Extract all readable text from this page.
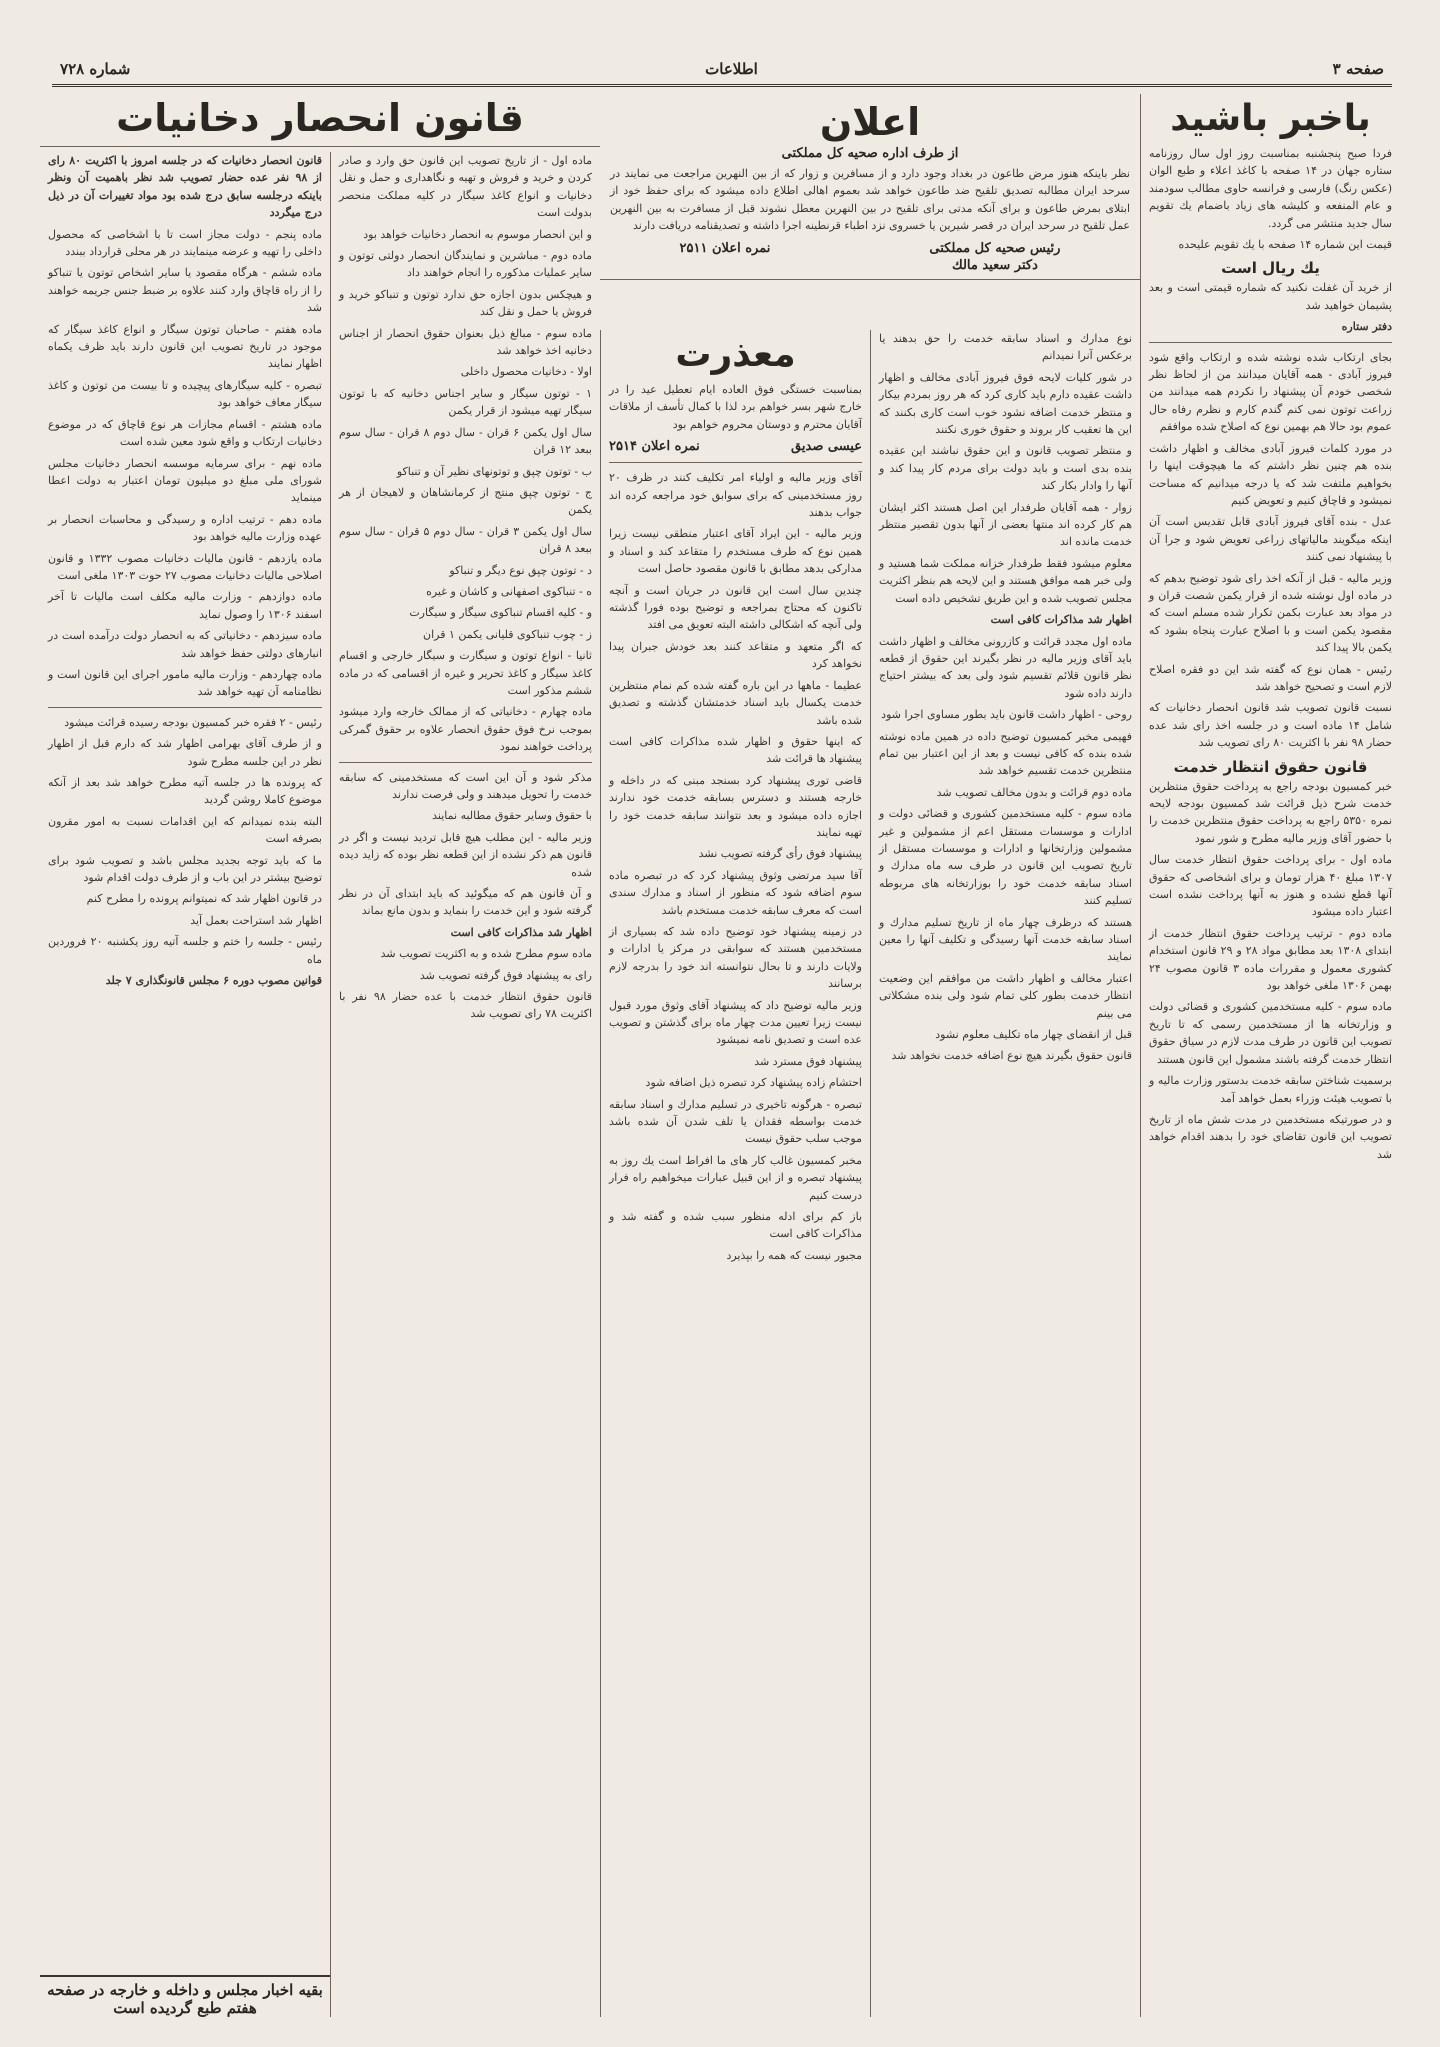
صفحه ۳
اطلاعات
شماره ۷۲۸
باخبر باشید

فردا صبح پنجشنبه بمناسبت روز اول سال روزنامه ستاره جهان در ۱۴ صفحه با کاغذ اعلاء و طبع الوان (عکس رنگ) فارسی و فرانسه حاوی مطالب سودمند و عام المنفعه و کلیشه های زیاد باضمام یك تقویم سال جدید منتشر می گردد.

قیمت این شماره ۱۴ صفحه با یك تقویم علیحده

یك ریال است

از خرید آن غفلت نکنید که شماره قیمتی است و بعد پشیمان خواهید شد

دفتر ستاره

بجای ارتکاب شده نوشته شده و ارتکاب واقع شود فیروز آبادی - همه آقایان میدانند من از لحاظ نظر شخصی خودم آن پیشنهاد را نکردم همه میدانند من زراعت توتون نمی کنم گندم کارم و نظرم رفاه حال عموم بود حالا هم بهمین نوع که اصلاح شده موافقم

در مورد کلمات فیروز آبادی مخالف و اظهار داشت بنده هم چنین نظر داشتم که ما هیچوقت اینها را بخواهیم ملتفت شد که یا درجه میدانیم که مساحت نمیشود و قاچاق کنیم و تعویض کنیم

عدل - بنده آقای فیروز آبادی قابل تقدیس است آن اینکه میگویند مالیاتهای زراعی تعویض شود و جرا آن با پیشنهاد نمی کنند

وزیر مالیه - قبل از آنکه اخذ رای شود توضیح بدهم که در ماده اول نوشته شده از قرار یکمن شصت قران و در مواد بعد عبارت بکمن تکرار شده مسلم است که مقصود یکمن است و با اصلاح عبارت پنجاه بشود که یکمن بالا پیدا کند

رئیس - همان نوع که گفته شد این دو فقره اصلاح لازم است و تصحیح خواهد شد

نسبت قانون تصویب شد قانون انحصار دخانیات که شامل ۱۴ ماده است و در جلسه اخذ رای شد عده حضار ۹۸ نفر با اکثریت ۸۰ رای تصویب شد

قانون حقوق انتظار خدمت

خبر کمسیون بودجه راجع به پرداخت حقوق منتظرین خدمت شرح ذیل قرائت شد کمسیون بودجه لایحه نمره ۵۳۵۰ راجع به پرداخت حقوق منتظرین خدمت را با حضور آقای وزیر مالیه مطرح و شور نمود

ماده اول - برای پرداخت حقوق انتظار خدمت سال ۱۳۰۷ مبلغ ۴۰ هزار تومان و برای اشخاصی که حقوق آنها قطع نشده و هنوز به آنها پرداخت نشده است اعتبار داده میشود

ماده دوم - ترتیب پرداخت حقوق انتظار خدمت از ابتدای ۱۳۰۸ بعد مطابق مواد ۲۸ و ۲۹ قانون استخدام کشوری معمول و مقررات ماده ۳ قانون مصوب ۲۴ بهمن ۱۳۰۶ ملغی خواهد بود

ماده سوم - کلیه مستخدمین کشوری و قضائی دولت و وزارتخانه ها از مستخدمین رسمی که تا تاریخ تصویب این قانون در طرف مدت لازم در سیاق حقوق انتظار خدمت گرفته باشند مشمول این قانون هستند

برسمیت شناختن سابقه خدمت بدستور وزارت مالیه و با تصویب هیئت وزراء بعمل خواهد آمد

و در صورتیکه مستخدمین در مدت شش ماه از تاریخ تصویب این قانون تقاضای خود را بدهند اقدام خواهد شد

اعلان
از طرف اداره صحیه کل مملکتی

نظر باینکه هنوز مرض طاعون در بغداد وجود دارد و از مسافرین و زوار که از بین النهرین مراجعت می نمایند در سرحد ایران مطالبه تصدیق تلقیح ضد طاعون خواهد شد بعموم اهالی اطلاع داده میشود که برای حفظ خود از ابتلای بمرض طاعون و برای آنکه مدتی برای تلقیح در بین النهرین معطل نشوند قبل از مسافرت به بین النهرین عمل تلقیح در سرحد ایران در قصر شیرین یا خسروی نزد اطباء قرنطینه اجرا داشته و تصدیقنامه دریافت دارند

رئیس صحیه کل مملکتی
دکتر سعید مالك
نمره اعلان ۲۵۱۱

نوع مدارك و اسناد سابقه خدمت را حق بدهند یا برعکس آنرا نمیدانم

در شور کلیات لایحه فوق فیروز آبادی مخالف و اظهار داشت عقیده دارم باید کاری کرد که هر روز بمردم بیکار و منتظر خدمت اضافه نشود خوب است کاری بکنند که این ها تعقیب کار بروند و حقوق خوری نکنند

و منتظر تصویب قانون و این حقوق نباشند این عقیده بنده بدی است و باید دولت برای مردم کار پیدا کند و آنها را وادار بکار کند

زوار - همه آقایان طرفدار این اصل هستند اکثر ایشان هم کار کرده اند منتها بعضی از آنها بدون تقصیر منتظر خدمت مانده اند

معلوم میشود فقط طرفدار خزانه مملکت شما هستید و ولی خبر همه موافق هستند و این لایحه هم بنظر اکثریت مجلس تصویب شده و این طریق تشخیص داده است

اظهار شد مذاکرات کافی است

ماده اول مجدد قرائت و کازرونی مخالف و اظهار داشت باید آقای وزیر مالیه در نظر بگیرند این حقوق از قطعه نظر قانون قلائم تقسیم شود ولی بعد که بیشتر احتیاج دارند داده شود

روحی - اظهار داشت قانون باید بطور مساوی اجرا شود

فهیمی مخبر کمسیون توضیح داده در همین ماده نوشته شده بنده که کافی نیست و بعد از این اعتبار بین تمام منتظرین خدمت تقسیم خواهد شد

ماده دوم قرائت و بدون مخالف تصویب شد

ماده سوم - کلیه مستخدمین کشوری و قضائی دولت و ادارات و موسسات مستقل اعم از مشمولین و غیر مشمولین وزارتخانها و ادارات و موسسات مستقل از تاریخ تصویب این قانون در طرف سه ماه مدارك و اسناد سابقه خدمت خود را بوزارتخانه های مربوطه تسلیم کنند

هستند که درظرف چهار ماه از تاریخ تسلیم مدارك و اسناد سابقه خدمت آنها رسیدگی و تکلیف آنها را معین نمایند

اعتبار مخالف و اظهار داشت من موافقم این وضعیت انتظار خدمت بطور کلی تمام شود ولی بنده مشکلاتی می بینم

قبل از انقضای چهار ماه تکلیف معلوم نشود

قانون حقوق بگیرند هیچ نوع اضافه خدمت نخواهد شد

معذرت

بمناسبت خستگی فوق العاده ایام تعطیل عید را در خارج شهر بسر خواهم برد لذا با کمال تأسف از ملاقات آقایان محترم و دوستان محروم خواهم بود

عیسی صدیق
نمره اعلان ۲۵۱۴

آقای وزیر مالیه و اولیاء امر تکلیف کنند در ظرف ۲۰ روز مستخدمینی که برای سوابق خود مراجعه کرده اند جواب بدهند

وزیر مالیه - این ایراد آقای اعتبار منطقی نیست زیرا همین نوع که طرف مستخدم را متقاعد کند و اسناد و مدارکی بدهد مطابق با قانون مقصود حاصل است

چندین سال است این قانون در جریان است و آنچه تاکنون که محتاج بمراجعه و توضیح بوده فورا گذشته ولی آنچه که اشکالی داشته البته تعویق می افتد

که اگر متعهد و متقاعد کنند بعد خودش جبران پیدا نخواهد کرد

عطیما - ماهها در این باره گفته شده کم نمام منتظرین خدمت یکسال باید اسناد خدمتشان گذشته و تصدیق شده باشد

که اینها حقوق و اظهار شده مذاکرات کافی است پیشنهاد ها قرائت شد

قاضی توری پیشنهاد کرد بسنجد مبنی که در داخله و خارجه هستند و دسترس بسابقه خدمت خود ندارند اجازه داده میشود و بعد نتوانند سابقه خدمت خود را تهیه نمایند

پیشنهاد فوق رأی گرفته تصویب نشد

آقا سید مرتضی وثوق پیشنهاد کرد که در تبصره ماده سوم اضافه شود که منظور از اسناد و مدارك سندی است که معرف سابقه خدمت مستخدم باشد

در زمینه پیشنهاد خود توضیح داده شد که بسیاری از مستخدمین هستند که سوابقی در مرکز یا ادارات و ولایات دارند و تا بحال نتوانسته اند خود را بدرجه لازم برسانند

وزیر مالیه توضیح داد که پیشنهاد آقای وثوق مورد قبول نیست زیرا تعیین مدت چهار ماه برای گذشتن و تصویب عده است و تصدیق نامه نمیشود

پیشنهاد فوق مسترد شد

احتشام زاده پیشنهاد کرد تبصره ذیل اضافه شود

تبصره - هرگونه تاخیری در تسلیم مدارك و اسناد سابقه خدمت بواسطه فقدان یا تلف شدن آن شده باشد موجب سلب حقوق نیست

مخبر کمسیون غالب کار های ما افراط است یك روز به پیشنهاد تبصره و از این قبیل عبارات میخواهیم راه فرار درست کنیم

باز کم برای ادله منظور سبب شده و گفته شد و مذاکرات کافی است

مجبور نیست که همه را بپذیرد

قانون انحصار دخانیات

ماده اول - از تاریخ تصویب این قانون حق وارد و صادر کردن و خرید و فروش و تهیه و نگاهداری و حمل و نقل دخانیات و انواع کاغذ سیگار در کلیه مملکت منحصر بدولت است

و این انحصار موسوم به انحصار دخانیات خواهد بود

ماده دوم - مباشرین و نمایندگان انحصار دولتی توتون و سایر عملیات مذکوره را انجام خواهند داد

و هیچکس بدون اجازه حق ندارد توتون و تنباکو خرید و فروش یا حمل و نقل کند

ماده سوم - مبالغ ذیل بعنوان حقوق انحصار از اجناس دخانیه اخذ خواهد شد

اولا - دخانیات محصول داخلی

۱ - توتون سیگار و سایر اجناس دخانیه که با توتون سیگار تهیه میشود از قرار یکمن

سال اول یکمن ۶ قران - سال دوم ۸ قران - سال سوم ببعد ۱۲ قران

ب - توتون چپق و توتونهای نظیر آن و تنباکو

ج - توتون چپق منتج از کرمانشاهان و لاهیجان از هر یکمن

سال اول یکمن ۳ قران - سال دوم ۵ قران - سال سوم ببعد ۸ قران

د - توتون چپق نوع دیگر و تنباکو

ه - تنباکوی اصفهانی و کاشان و غیره

و - کلیه اقسام تنباکوی سیگار و سیگارت

ز - چوب تنباکوی قلیانی یکمن ۱ قران

ثانیا - انواع توتون و سیگارت و سیگار خارجی و اقسام کاغذ سیگار و کاغذ تحریر و غیره از اقسامی که در ماده ششم مذکور است

ماده چهارم - دخانیاتی که از ممالک خارجه وارد میشود بموجب نرخ فوق حقوق انحصار علاوه بر حقوق گمرکی پرداخت خواهند نمود

مذکر شود و آن این است که مستخدمینی که سابقه خدمت را تحویل میدهند و ولی فرصت ندارند

با حقوق وسایر حقوق مطالبه نمایند

وزیر مالیه - این مطلب هیچ قابل تردید نیست و اگر در قانون هم ذکر نشده از این قطعه نظر بوده که زاید دیده شده

و آن قانون هم که میگوئید که باید ابتدای آن در نظر گرفته شود و این خدمت را بنماید و بدون مانع بماند

اظهار شد مذاکرات کافی است

ماده سوم مطرح شده و به اکثریت تصویب شد

رای به پیشنهاد فوق گرفته تصویب شد

قانون حقوق انتظار خدمت با عده حضار ۹۸ نفر با اکثریت ۷۸ رای تصویب شد

قانون انحصار دخانیات که در جلسه امروز با اکثریت ۸۰ رای از ۹۸ نفر عده حضار تصویب شد نظر باهمیت آن ونظر باینکه درجلسه سابق درج شده بود مواد تغییرات آن در ذیل درج میگردد

ماده پنجم - دولت مجاز است تا با اشخاصی که محصول داخلی را تهیه و عرضه مینمایند در هر محلی قرارداد ببندد

ماده ششم - هرگاه مقصود یا سایر اشخاص توتون یا تنباکو را از راه قاچاق وارد کنند علاوه بر ضبط جنس جریمه خواهند شد

ماده هفتم - صاحبان توتون سیگار و انواع کاغذ سیگار که موجود در تاریخ تصویب این قانون دارند باید ظرف یکماه اظهار نمایند

تبصره - کلیه سیگارهای پیچیده و تا بیست من توتون و کاغذ سیگار معاف خواهد بود

ماده هشتم - اقسام مجازات هر نوع قاچاق که در موضوع دخانیات ارتکاب و واقع شود معین شده است

ماده نهم - برای سرمایه موسسه انحصار دخانیات مجلس شورای ملی مبلغ دو میلیون تومان اعتبار به دولت اعطا مینماید

ماده دهم - ترتیب اداره و رسیدگی و محاسبات انحصار بر عهده وزارت مالیه خواهد بود

ماده یازدهم - قانون مالیات دخانیات مصوب ۱۳۳۲ و قانون اصلاحی مالیات دخانیات مصوب ۲۷ حوت ۱۳۰۳ ملغی است

ماده دوازدهم - وزارت مالیه مکلف است مالیات تا آخر اسفند ۱۳۰۶ را وصول نماید

ماده سیزدهم - دخانیاتی که به انحصار دولت درآمده است در انبارهای دولتی حفظ خواهد شد

ماده چهاردهم - وزارت مالیه مامور اجرای این قانون است و نظامنامه آن تهیه خواهد شد

رئیس - ۲ فقره خبر کمسیون بودجه رسیده قرائت میشود

و از طرف آقای بهرامی اظهار شد که دارم قبل از اظهار نظر در این جلسه مطرح شود

که پرونده ها در جلسه آتیه مطرح خواهد شد بعد از آنکه موضوع کاملا روشن گردید

البته بنده نمیدانم که این اقدامات نسبت به امور مقرون بصرفه است

ما که باید توجه بجدید مجلس باشد و تصویب شود برای توضیح بیشتر در این باب و از طرف دولت اقدام شود

در قانون اظهار شد که نمیتوانم پرونده را مطرح کنم

اظهار شد استراحت بعمل آید

رئیس - جلسه را ختم و جلسه آتیه روز یکشنبه ۲۰ فروردین ماه

قوانین مصوب دوره ۶ مجلس قانونگذاری ۷ جلد

بقیه اخبار مجلس و داخله و خارجه در صفحه هفتم طبع گردیده است
